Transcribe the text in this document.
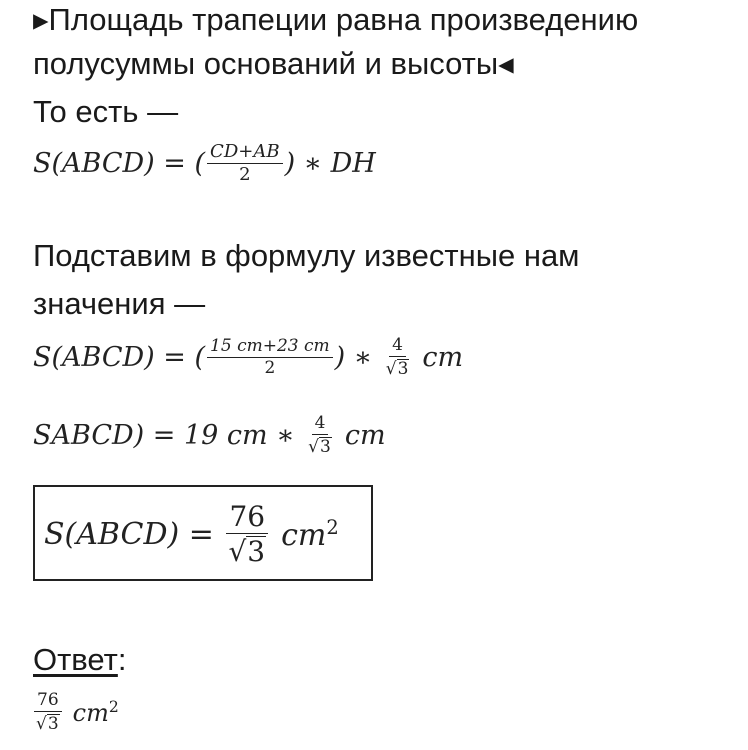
▸Площадь трапеции равна произведению
полусуммы оснований и высоты◂
То есть —
S(ABCD) = ( $\frac{CD+AB}{2}$ ) ∗ DH
Подставим в формулу известные нам
значения —
S(ABCD) = ( $\frac{15 cm+23 cm}{2}$ ) ∗ $\frac{4}{√ 3}$ cm
SABCD) = 19 cm ∗ $\frac{4}{√ 3}$ cm
S(ABCD) = $\frac{76}{√ 3} cm^2$
Ответ:
$\frac{76}{√ 3} cm^2$
